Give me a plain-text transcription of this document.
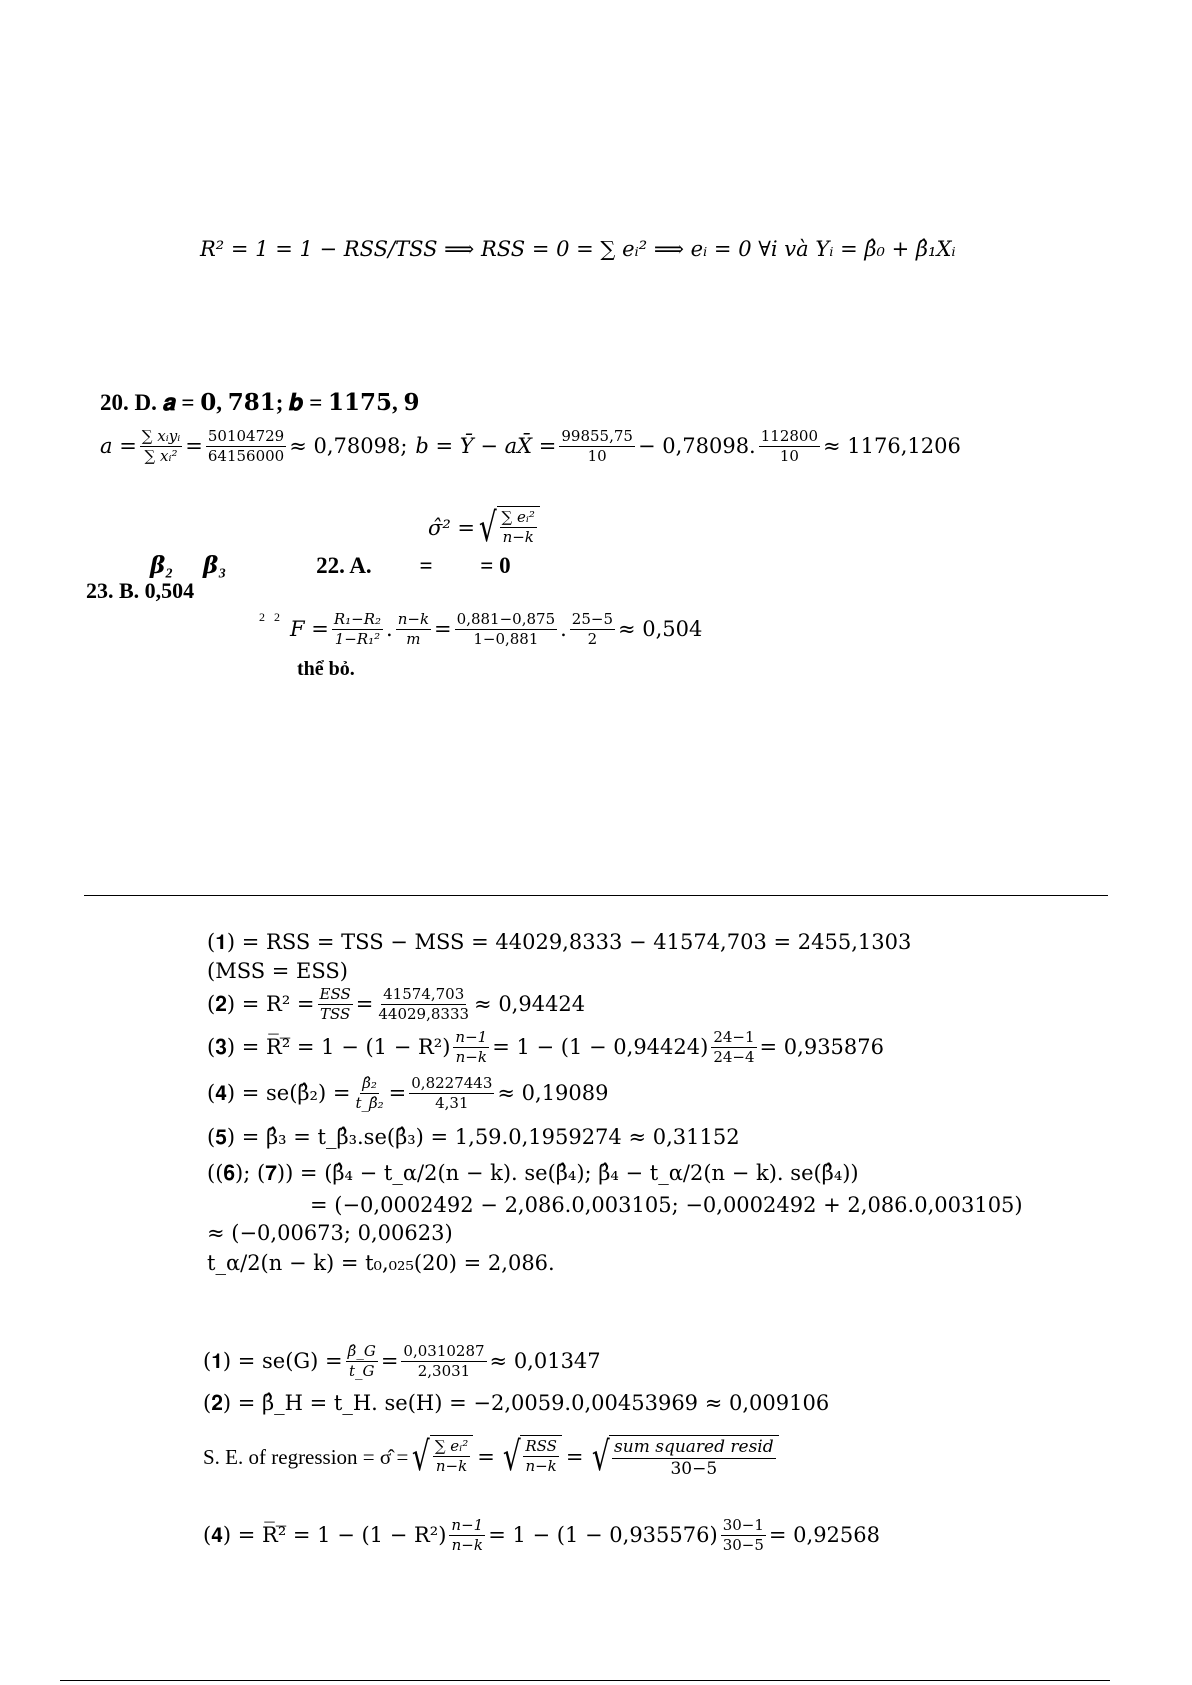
R² = 1 = 1 − RSS/TSS ⟹ RSS = 0 = ∑ eᵢ² ⟹ eᵢ = 0 ∀i và Yᵢ = β̂₀ + β̂₁Xᵢ
20. D. 𝒂 = 𝟎, 𝟕𝟖𝟏; 𝒃 = 𝟏𝟏𝟕𝟓, 𝟗
$a = \frac{\text{∑ xᵢyᵢ}}{\text{∑ xᵢ²}} = \frac{50104729}{64156000} \approx 0,78098$; b = Ȳ − aX̄ = $\frac{99855,75}{10} - 0,78098$. $\frac{112800}{10} \approx 1176,1206$
σ̂² = √ $\frac{\text{∑ eᵢ²}}{n-k}$
𝜷₂ 𝜷₃	22. A. = = 0
23. B. 0,504
2   2 $F = \frac{\text{R₁−R₂}}{\text{1−R₁²}}$ . $\frac{n-k}{m} = \frac{0,881-0,875}{1-0,881}$ . $\frac{25-5}{2} \approx 0,504$
thể bỏ.
(𝟏) = RSS = TSS − MSS = 44029,8333 − 41574,703 = 2455,1303
(MSS = ESS)
(𝟐) = $R^2 = \frac{\text{ESS}}{\text{TSS}} = \frac{41574,703}{44029,8333} \approx 0,94424$
(𝟑) = R̅²̅ = $1 - (1 - R^2) \frac{n-1}{n-k} = 1 - (1 - 0,94424) \frac{24-1}{24-4} = 0,935876$
(𝟒) = se(β̂₂) = $\frac{\text{β̂₂}}{\text{t\_β̂₂}} = \frac{0,8227443}{4,31} \approx 0,19089$
(𝟓) = β̂₃ = t_β̂₃.se(β̂₃) = 1,59.0,1959274 ≈ 0,31152
((𝟔); (𝟕)) = (β̂₄ − t_α/2(n − k). se(β̂₄); β̂₄ − t_α/2(n − k). se(β̂₄))
= (−0,0002492 − 2,086.0,003105; −0,0002492 + 2,086.0,003105)
≈ (−0,00673; 0,00623)
t_α/2(n − k) = t₀,₀₂₅(20) = 2,086.
(𝟏) = $se(G) = \frac{\betâ\_G}{t\_G} = \frac{0,0310287}{2,3031} \approx 0,01347$
(𝟐) = β̂_H = t_H. se(H) = −2,0059.0,00453969 ≈ 0,009106
S. E. of regression = σ̂ = √ $\frac{\text{∑ eᵢ²}}{n-k}$ = √ $\frac{\text{RSS}}{n-k}$ = √ $\frac{\text{sum squared resid}}{30-5}$
(𝟒) = R̅²̅ = $1 - (1 - R^2) \frac{n-1}{n-k} = 1 - (1 - 0,935576) \frac{30-1}{30-5} = 0,92568$
